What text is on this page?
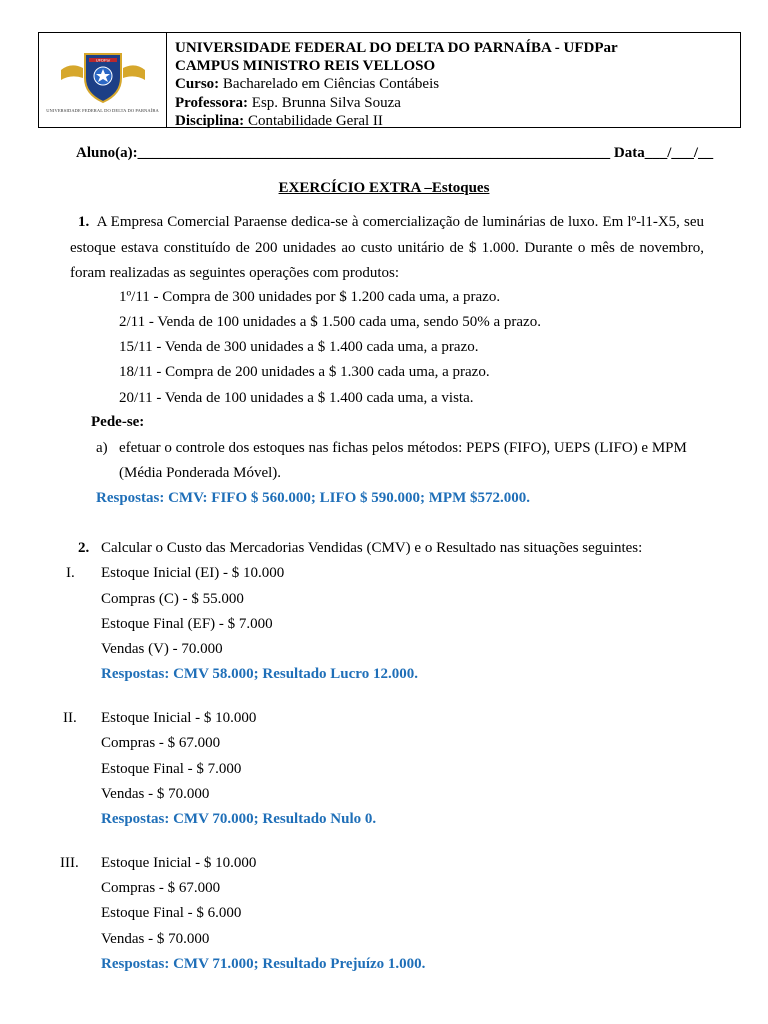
UFDPar
UNIVERSIDADE FEDERAL DO DELTA DO PARNAÍBA
UNIVERSIDADE FEDERAL DO DELTA DO PARNAÍBA - UFDPar
CAMPUS MINISTRO REIS VELLOSO
Curso: Bacharelado em Ciências Contábeis
Professora: Esp. Brunna Silva Souza
Disciplina: Contabilidade Geral II
Aluno(a):_______________________________________________________________ Data___/___/__
EXERCÍCIO EXTRA –Estoques
1. A Empresa Comercial Paraense dedica-se à comercialização de luminárias de luxo. Em lº-l1-X5, seu estoque estava constituído de 200 unidades ao custo unitário de $ 1.000. Durante o mês de novembro, foram realizadas as seguintes operações com produtos:
1º/11 - Compra de 300 unidades por $ 1.200 cada uma, a prazo.
2/11 - Venda de 100 unidades a $ 1.500 cada uma, sendo 50% a prazo.
15/11 - Venda de 300 unidades a $ 1.400 cada uma, a prazo.
18/11 - Compra de 200 unidades a $ 1.300 cada uma, a prazo.
20/11 - Venda de 100 unidades a $ 1.400 cada uma, a vista.
Pede-se:
a) efetuar o controle dos estoques nas fichas pelos métodos: PEPS (FIFO), UEPS (LIFO) e MPM
(Média Ponderada Móvel).
Respostas: CMV: FIFO $ 560.000; LIFO $ 590.000; MPM $572.000.
2. Calcular o Custo das Mercadorias Vendidas (CMV) e o Resultado nas situações seguintes:
I. Estoque Inicial (EI) - $ 10.000
Compras (C) - $ 55.000
Estoque Final (EF) - $ 7.000
Vendas (V) - 70.000
Respostas: CMV 58.000; Resultado Lucro 12.000.
II. Estoque Inicial - $ 10.000
Compras - $ 67.000
Estoque Final - $ 7.000
Vendas - $ 70.000
Respostas: CMV 70.000; Resultado Nulo 0.
III. Estoque Inicial - $ 10.000
Compras - $ 67.000
Estoque Final - $ 6.000
Vendas - $ 70.000
Respostas: CMV 71.000; Resultado Prejuízo 1.000.
